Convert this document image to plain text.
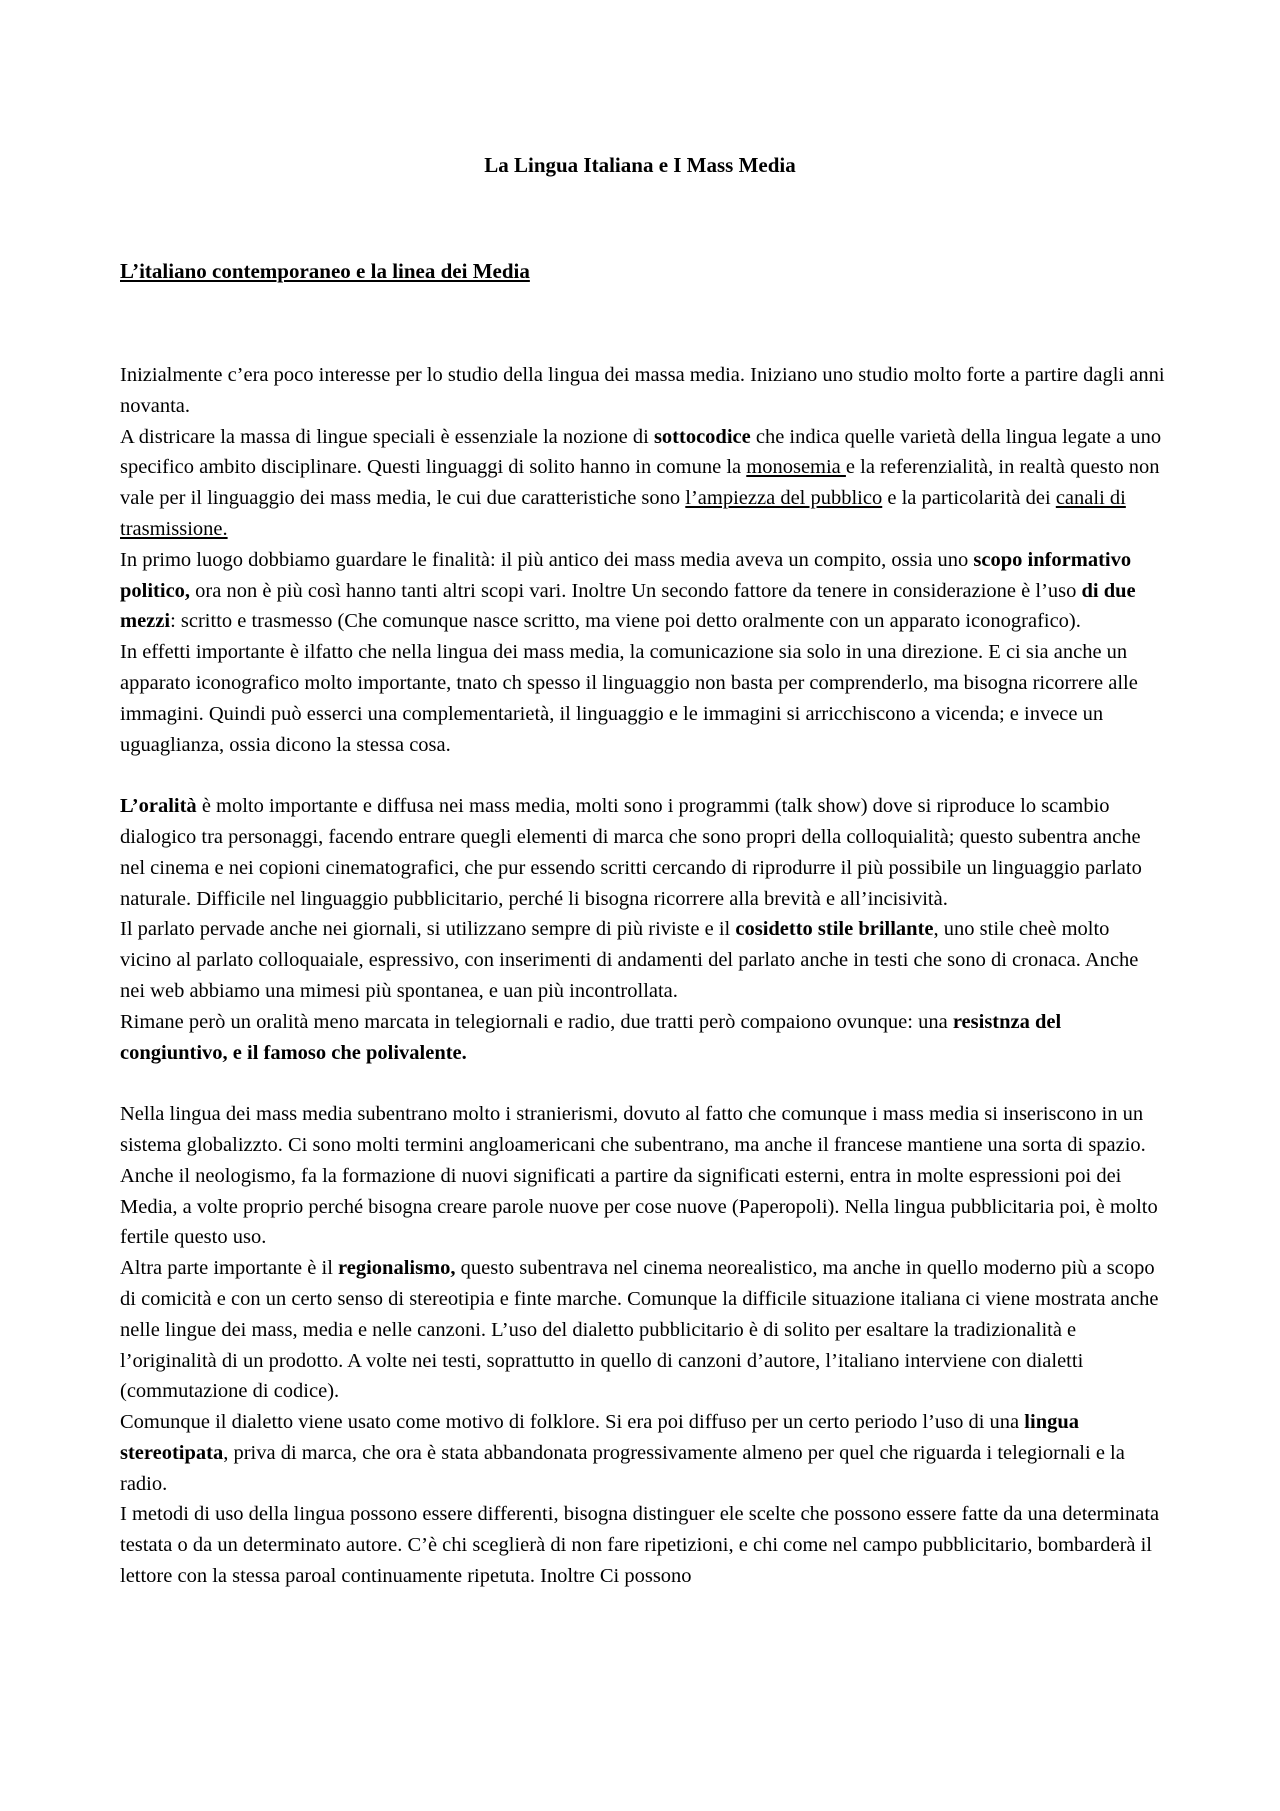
La Lingua Italiana e I Mass Media
L’italiano contemporaneo e la linea dei Media

Inizialmente c’era poco interesse per lo studio della lingua dei massa media. Iniziano uno studio molto forte a partire dagli anni novanta.

A districare la massa di lingue speciali è essenziale la nozione di sottocodice che indica quelle varietà della lingua legate a uno specifico ambito disciplinare. Questi linguaggi di solito hanno in comune la monosemia e la referenzialità, in realtà questo non vale per il linguaggio dei mass media, le cui due caratteristiche sono l’ampiezza del pubblico e la particolarità dei canali di trasmissione.

In primo luogo dobbiamo guardare le finalità: il più antico dei mass media aveva un compito, ossia uno scopo informativo politico, ora non è più così hanno tanti altri scopi vari. Inoltre Un secondo fattore da tenere in considerazione è l’uso di due mezzi: scritto e trasmesso (Che comunque nasce scritto, ma viene poi detto oralmente con un apparato iconografico).

In effetti importante è ilfatto che nella lingua dei mass media, la comunicazione sia solo in una direzione. E ci sia anche un apparato iconografico molto importante, tnato ch spesso il linguaggio non basta per comprenderlo, ma bisogna ricorrere alle immagini. Quindi può esserci una complementarietà, il linguaggio e le immagini si arricchiscono a vicenda; e invece un uguaglianza, ossia dicono la stessa cosa.

L’oralità è molto importante e diffusa nei mass media, molti sono i programmi (talk show) dove si riproduce lo scambio dialogico tra personaggi, facendo entrare quegli elementi di marca che sono propri della colloquialità; questo subentra anche nel cinema e nei copioni cinematografici, che pur essendo scritti cercando di riprodurre il più possibile un linguaggio parlato naturale. Difficile nel linguaggio pubblicitario, perché li bisogna ricorrere alla brevità e all’incisività.

Il parlato pervade anche nei giornali, si utilizzano sempre di più riviste e il cosidetto stile brillante, uno stile cheè molto vicino al parlato colloquaiale, espressivo, con inserimenti di andamenti del parlato anche in testi che sono di cronaca. Anche nei web abbiamo una mimesi più spontanea, e uan più incontrollata.

Rimane però un oralità meno marcata in telegiornali e radio, due tratti però compaiono ovunque: una resistnza del congiuntivo, e il famoso che polivalente.

Nella lingua dei mass media subentrano molto i stranierismi, dovuto al fatto che comunque i mass media si inseriscono in un sistema globalizzto. Ci sono molti termini angloamericani che subentrano, ma anche il francese mantiene una sorta di spazio. Anche il neologismo, fa la formazione di nuovi significati a partire da significati esterni, entra in molte espressioni poi dei Media, a volte proprio perché bisogna creare parole nuove per cose nuove (Paperopoli). Nella lingua pubblicitaria poi, è molto fertile questo uso.

Altra parte importante è il regionalismo, questo subentrava nel cinema neorealistico, ma anche in quello moderno più a scopo di comicità e con un certo senso di stereotipia e finte marche. Comunque la difficile situazione italiana ci viene mostrata anche nelle lingue dei mass, media e nelle canzoni. L’uso del dialetto pubblicitario è di solito per esaltare la tradizionalità e l’originalità di un prodotto. A volte nei testi, soprattutto in quello di canzoni d’autore, l’italiano interviene con dialetti (commutazione di codice).

Comunque il dialetto viene usato come motivo di folklore. Si era poi diffuso per un certo periodo l’uso di una lingua stereotipata, priva di marca, che ora è stata abbandonata progressivamente almeno per quel che riguarda i telegiornali e la radio.

I metodi di uso della lingua possono essere differenti, bisogna distinguer ele scelte che possono essere fatte da una determinata testata o da un determinato autore. C’è chi sceglierà di non fare ripetizioni, e chi come nel campo pubblicitario, bombarderà il lettore con la stessa paroal continuamente ripetuta. Inoltre Ci possono
